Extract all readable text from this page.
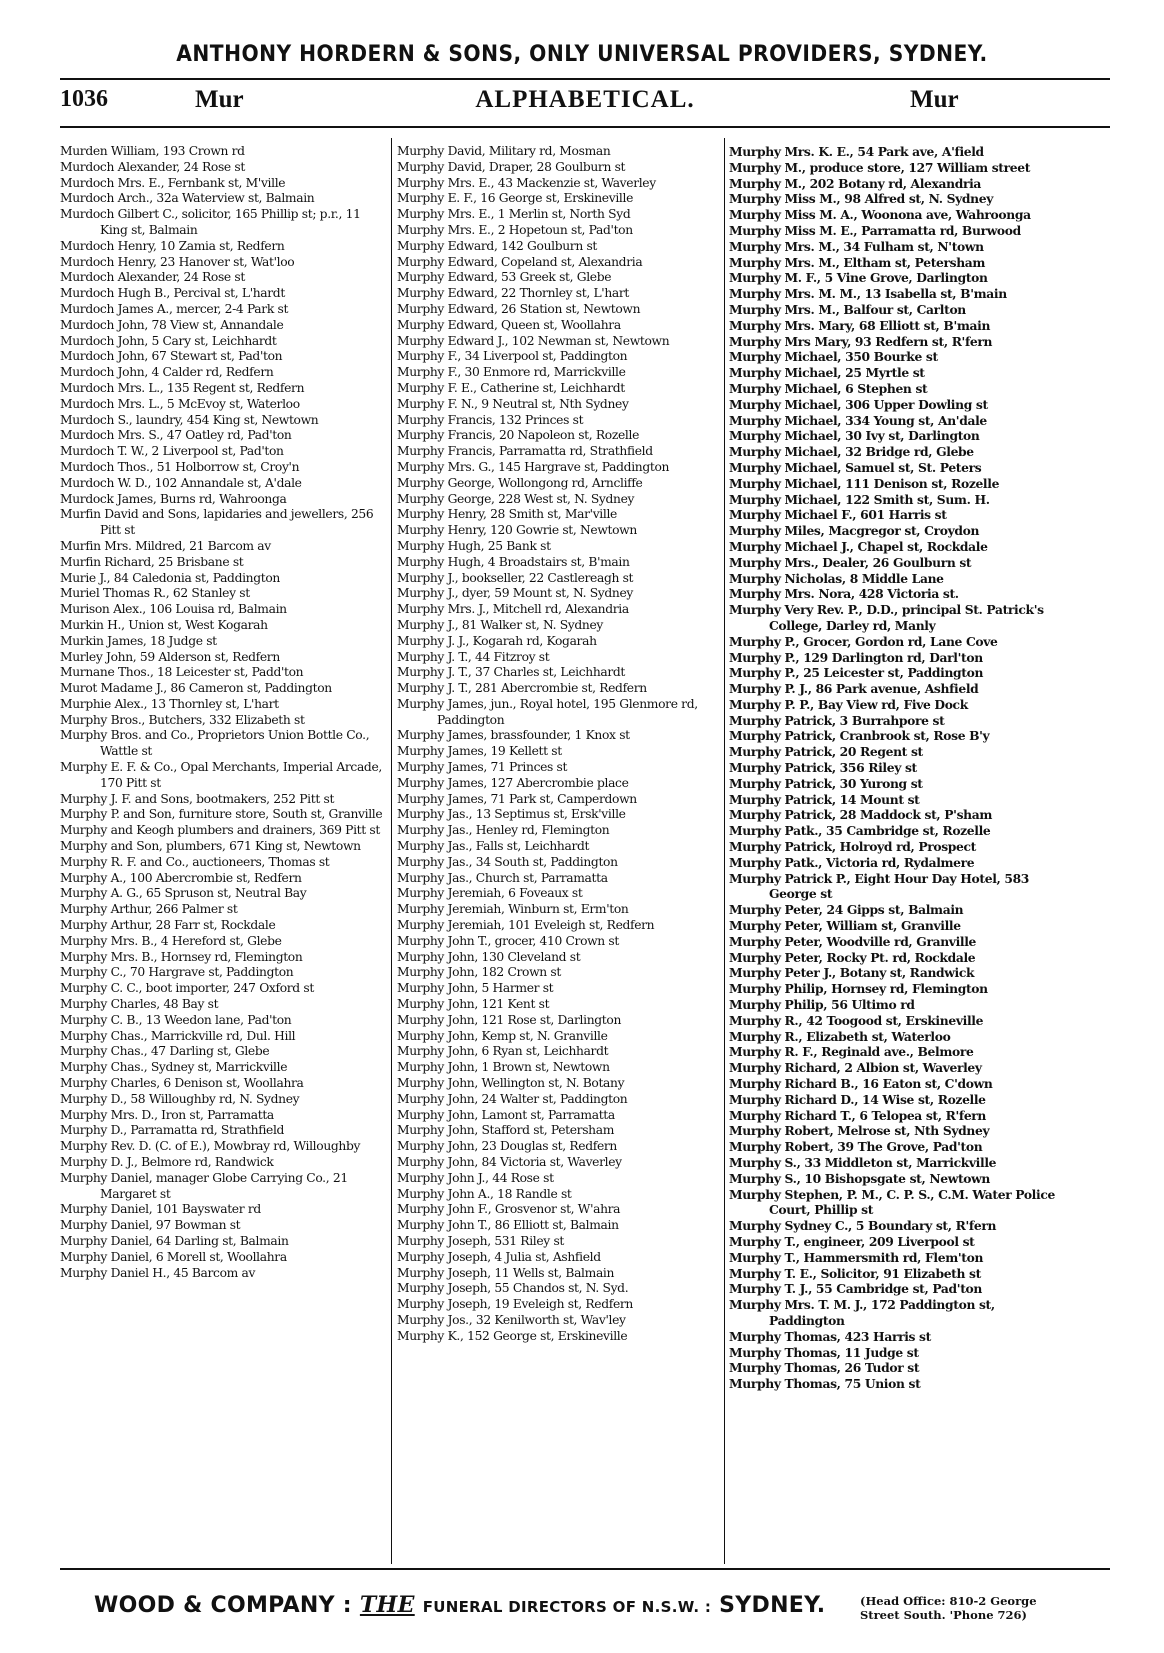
ANTHONY HORDERN & SONS, ONLY UNIVERSAL PROVIDERS, SYDNEY.
1036	Mur	ALPHABETICAL.	Mur

Murden William, 193 Crown rd

Murdoch Alexander, 24 Rose st

Murdoch Mrs. E., Fernbank st, M'ville

Murdoch Arch., 32a Waterview st, Balmain

Murdoch Gilbert C., solicitor, 165 Phillip st; p.r., 11 King st, Balmain

Murdoch Henry, 10 Zamia st, Redfern

Murdoch Henry, 23 Hanover st, Wat'loo

Murdoch Alexander, 24 Rose st

Murdoch Hugh B., Percival st, L'hardt

Murdoch James A., mercer, 2-4 Park st

Murdoch John, 78 View st, Annandale

Murdoch John, 5 Cary st, Leichhardt

Murdoch John, 67 Stewart st, Pad'ton

Murdoch John, 4 Calder rd, Redfern

Murdoch Mrs. L., 135 Regent st, Redfern

Murdoch Mrs. L., 5 McEvoy st, Waterloo

Murdoch S., laundry, 454 King st, Newtown

Murdoch Mrs. S., 47 Oatley rd, Pad'ton

Murdoch T. W., 2 Liverpool st, Pad'ton

Murdoch Thos., 51 Holborrow st, Croy'n

Murdoch W. D., 102 Annandale st, A'dale

Murdock James, Burns rd, Wahroonga

Murfin David and Sons, lapidaries and jewellers, 256 Pitt st

Murfin Mrs. Mildred, 21 Barcom av

Murfin Richard, 25 Brisbane st

Murie J., 84 Caledonia st, Paddington

Muriel Thomas R., 62 Stanley st

Murison Alex., 106 Louisa rd, Balmain

Murkin H., Union st, West Kogarah

Murkin James, 18 Judge st

Murley John, 59 Alderson st, Redfern

Murnane Thos., 18 Leicester st, Padd'ton

Murot Madame J., 86 Cameron st, Paddington

Murphie Alex., 13 Thornley st, L'hart

Murphy Bros., Butchers, 332 Elizabeth st

Murphy Bros. and Co., Proprietors Union Bottle Co., Wattle st

Murphy E. F. & Co., Opal Merchants, Imperial Arcade, 170 Pitt st

Murphy J. F. and Sons, bootmakers, 252 Pitt st

Murphy P. and Son, furniture store, South st, Granville

Murphy and Keogh plumbers and drainers, 369 Pitt st

Murphy and Son, plumbers, 671 King st, Newtown

Murphy R. F. and Co., auctioneers, Thomas st

Murphy A., 100 Abercrombie st, Redfern

Murphy A. G., 65 Spruson st, Neutral Bay

Murphy Arthur, 266 Palmer st

Murphy Arthur, 28 Farr st, Rockdale

Murphy Mrs. B., 4 Hereford st, Glebe

Murphy Mrs. B., Hornsey rd, Flemington

Murphy C., 70 Hargrave st, Paddington

Murphy C. C., boot importer, 247 Oxford st

Murphy Charles, 48 Bay st

Murphy C. B., 13 Weedon lane, Pad'ton

Murphy Chas., Marrickville rd, Dul. Hill

Murphy Chas., 47 Darling st, Glebe

Murphy Chas., Sydney st, Marrickville

Murphy Charles, 6 Denison st, Woollahra

Murphy D., 58 Willoughby rd, N. Sydney

Murphy Mrs. D., Iron st, Parramatta

Murphy D., Parramatta rd, Strathfield

Murphy Rev. D. (C. of E.), Mowbray rd, Willoughby

Murphy D. J., Belmore rd, Randwick

Murphy Daniel, manager Globe Carrying Co., 21 Margaret st

Murphy Daniel, 101 Bayswater rd

Murphy Daniel, 97 Bowman st

Murphy Daniel, 64 Darling st, Balmain

Murphy Daniel, 6 Morell st, Woollahra

Murphy Daniel H., 45 Barcom av

Murphy David, Military rd, Mosman

Murphy David, Draper, 28 Goulburn st

Murphy Mrs. E., 43 Mackenzie st, Waverley

Murphy E. F., 16 George st, Erskineville

Murphy Mrs. E., 1 Merlin st, North Syd

Murphy Mrs. E., 2 Hopetoun st, Pad'ton

Murphy Edward, 142 Goulburn st

Murphy Edward, Copeland st, Alexandria

Murphy Edward, 53 Greek st, Glebe

Murphy Edward, 22 Thornley st, L'hart

Murphy Edward, 26 Station st, Newtown

Murphy Edward, Queen st, Woollahra

Murphy Edward J., 102 Newman st, Newtown

Murphy F., 34 Liverpool st, Paddington

Murphy F., 30 Enmore rd, Marrickville

Murphy F. E., Catherine st, Leichhardt

Murphy F. N., 9 Neutral st, Nth Sydney

Murphy Francis, 132 Princes st

Murphy Francis, 20 Napoleon st, Rozelle

Murphy Francis, Parramatta rd, Strathfield

Murphy Mrs. G., 145 Hargrave st, Paddington

Murphy George, Wollongong rd, Arncliffe

Murphy George, 228 West st, N. Sydney

Murphy Henry, 28 Smith st, Mar'ville

Murphy Henry, 120 Gowrie st, Newtown

Murphy Hugh, 25 Bank st

Murphy Hugh, 4 Broadstairs st, B'main

Murphy J., bookseller, 22 Castlereagh st

Murphy J., dyer, 59 Mount st, N. Sydney

Murphy Mrs. J., Mitchell rd, Alexandria

Murphy J., 81 Walker st, N. Sydney

Murphy J. J., Kogarah rd, Kogarah

Murphy J. T., 44 Fitzroy st

Murphy J. T., 37 Charles st, Leichhardt

Murphy J. T., 281 Abercrombie st, Redfern

Murphy James, jun., Royal hotel, 195 Glenmore rd, Paddington

Murphy James, brassfounder, 1 Knox st

Murphy James, 19 Kellett st

Murphy James, 71 Princes st

Murphy James, 127 Abercrombie place

Murphy James, 71 Park st, Camperdown

Murphy Jas., 13 Septimus st, Ersk'ville

Murphy Jas., Henley rd, Flemington

Murphy Jas., Falls st, Leichhardt

Murphy Jas., 34 South st, Paddington

Murphy Jas., Church st, Parramatta

Murphy Jeremiah, 6 Foveaux st

Murphy Jeremiah, Winburn st, Erm'ton

Murphy Jeremiah, 101 Eveleigh st, Redfern

Murphy John T., grocer, 410 Crown st

Murphy John, 130 Cleveland st

Murphy John, 182 Crown st

Murphy John, 5 Harmer st

Murphy John, 121 Kent st

Murphy John, 121 Rose st, Darlington

Murphy John, Kemp st, N. Granville

Murphy John, 6 Ryan st, Leichhardt

Murphy John, 1 Brown st, Newtown

Murphy John, Wellington st, N. Botany

Murphy John, 24 Walter st, Paddington

Murphy John, Lamont st, Parramatta

Murphy John, Stafford st, Petersham

Murphy John, 23 Douglas st, Redfern

Murphy John, 84 Victoria st, Waverley

Murphy John J., 44 Rose st

Murphy John A., 18 Randle st

Murphy John F., Grosvenor st, W'ahra

Murphy John T., 86 Elliott st, Balmain

Murphy Joseph, 531 Riley st

Murphy Joseph, 4 Julia st, Ashfield

Murphy Joseph, 11 Wells st, Balmain

Murphy Joseph, 55 Chandos st, N. Syd.

Murphy Joseph, 19 Eveleigh st, Redfern

Murphy Jos., 32 Kenilworth st, Wav'ley

Murphy K., 152 George st, Erskineville

Murphy Mrs. K. E., 54 Park ave, A'field

Murphy M., produce store, 127 William street

Murphy M., 202 Botany rd, Alexandria

Murphy Miss M., 98 Alfred st, N. Sydney

Murphy Miss M. A., Woonona ave, Wahroonga

Murphy Miss M. E., Parramatta rd, Burwood

Murphy Mrs. M., 34 Fulham st, N'town

Murphy Mrs. M., Eltham st, Petersham

Murphy M. F., 5 Vine Grove, Darlington

Murphy Mrs. M. M., 13 Isabella st, B'main

Murphy Mrs. M., Balfour st, Carlton

Murphy Mrs. Mary, 68 Elliott st, B'main

Murphy Mrs Mary, 93 Redfern st, R'fern

Murphy Michael, 350 Bourke st

Murphy Michael, 25 Myrtle st

Murphy Michael, 6 Stephen st

Murphy Michael, 306 Upper Dowling st

Murphy Michael, 334 Young st, An'dale

Murphy Michael, 30 Ivy st, Darlington

Murphy Michael, 32 Bridge rd, Glebe

Murphy Michael, Samuel st, St. Peters

Murphy Michael, 111 Denison st, Rozelle

Murphy Michael, 122 Smith st, Sum. H.

Murphy Michael F., 601 Harris st

Murphy Miles, Macgregor st, Croydon

Murphy Michael J., Chapel st, Rockdale

Murphy Mrs., Dealer, 26 Goulburn st

Murphy Nicholas, 8 Middle Lane

Murphy Mrs. Nora, 428 Victoria st.

Murphy Very Rev. P., D.D., principal St. Patrick's College, Darley rd, Manly

Murphy P., Grocer, Gordon rd, Lane Cove

Murphy P., 129 Darlington rd, Darl'ton

Murphy P., 25 Leicester st, Paddington

Murphy P. J., 86 Park avenue, Ashfield

Murphy P. P., Bay View rd, Five Dock

Murphy Patrick, 3 Burrahpore st

Murphy Patrick, Cranbrook st, Rose B'y

Murphy Patrick, 20 Regent st

Murphy Patrick, 356 Riley st

Murphy Patrick, 30 Yurong st

Murphy Patrick, 14 Mount st

Murphy Patrick, 28 Maddock st, P'sham

Murphy Patk., 35 Cambridge st, Rozelle

Murphy Patrick, Holroyd rd, Prospect

Murphy Patk., Victoria rd, Rydalmere

Murphy Patrick P., Eight Hour Day Hotel, 583 George st

Murphy Peter, 24 Gipps st, Balmain

Murphy Peter, William st, Granville

Murphy Peter, Woodville rd, Granville

Murphy Peter, Rocky Pt. rd, Rockdale

Murphy Peter J., Botany st, Randwick

Murphy Philip, Hornsey rd, Flemington

Murphy Philip, 56 Ultimo rd

Murphy R., 42 Toogood st, Erskineville

Murphy R., Elizabeth st, Waterloo

Murphy R. F., Reginald ave., Belmore

Murphy Richard, 2 Albion st, Waverley

Murphy Richard B., 16 Eaton st, C'down

Murphy Richard D., 14 Wise st, Rozelle

Murphy Richard T., 6 Telopea st, R'fern

Murphy Robert, Melrose st, Nth Sydney

Murphy Robert, 39 The Grove, Pad'ton

Murphy S., 33 Middleton st, Marrickville

Murphy S., 10 Bishopsgate st, Newtown

Murphy Stephen, P. M., C. P. S., C.M. Water Police Court, Phillip st

Murphy Sydney C., 5 Boundary st, R'fern

Murphy T., engineer, 209 Liverpool st

Murphy T., Hammersmith rd, Flem'ton

Murphy T. E., Solicitor, 91 Elizabeth st

Murphy T. J., 55 Cambridge st, Pad'ton

Murphy Mrs. T. M. J., 172 Paddington st, Paddington

Murphy Thomas, 423 Harris st

Murphy Thomas, 11 Judge st

Murphy Thomas, 26 Tudor st

Murphy Thomas, 75 Union st

WOOD & COMPANY : THE FUNERAL DIRECTORS OF N.S.W. : SYDNEY.	(Head Office: 810-2 George
Street South. 'Phone 726)
